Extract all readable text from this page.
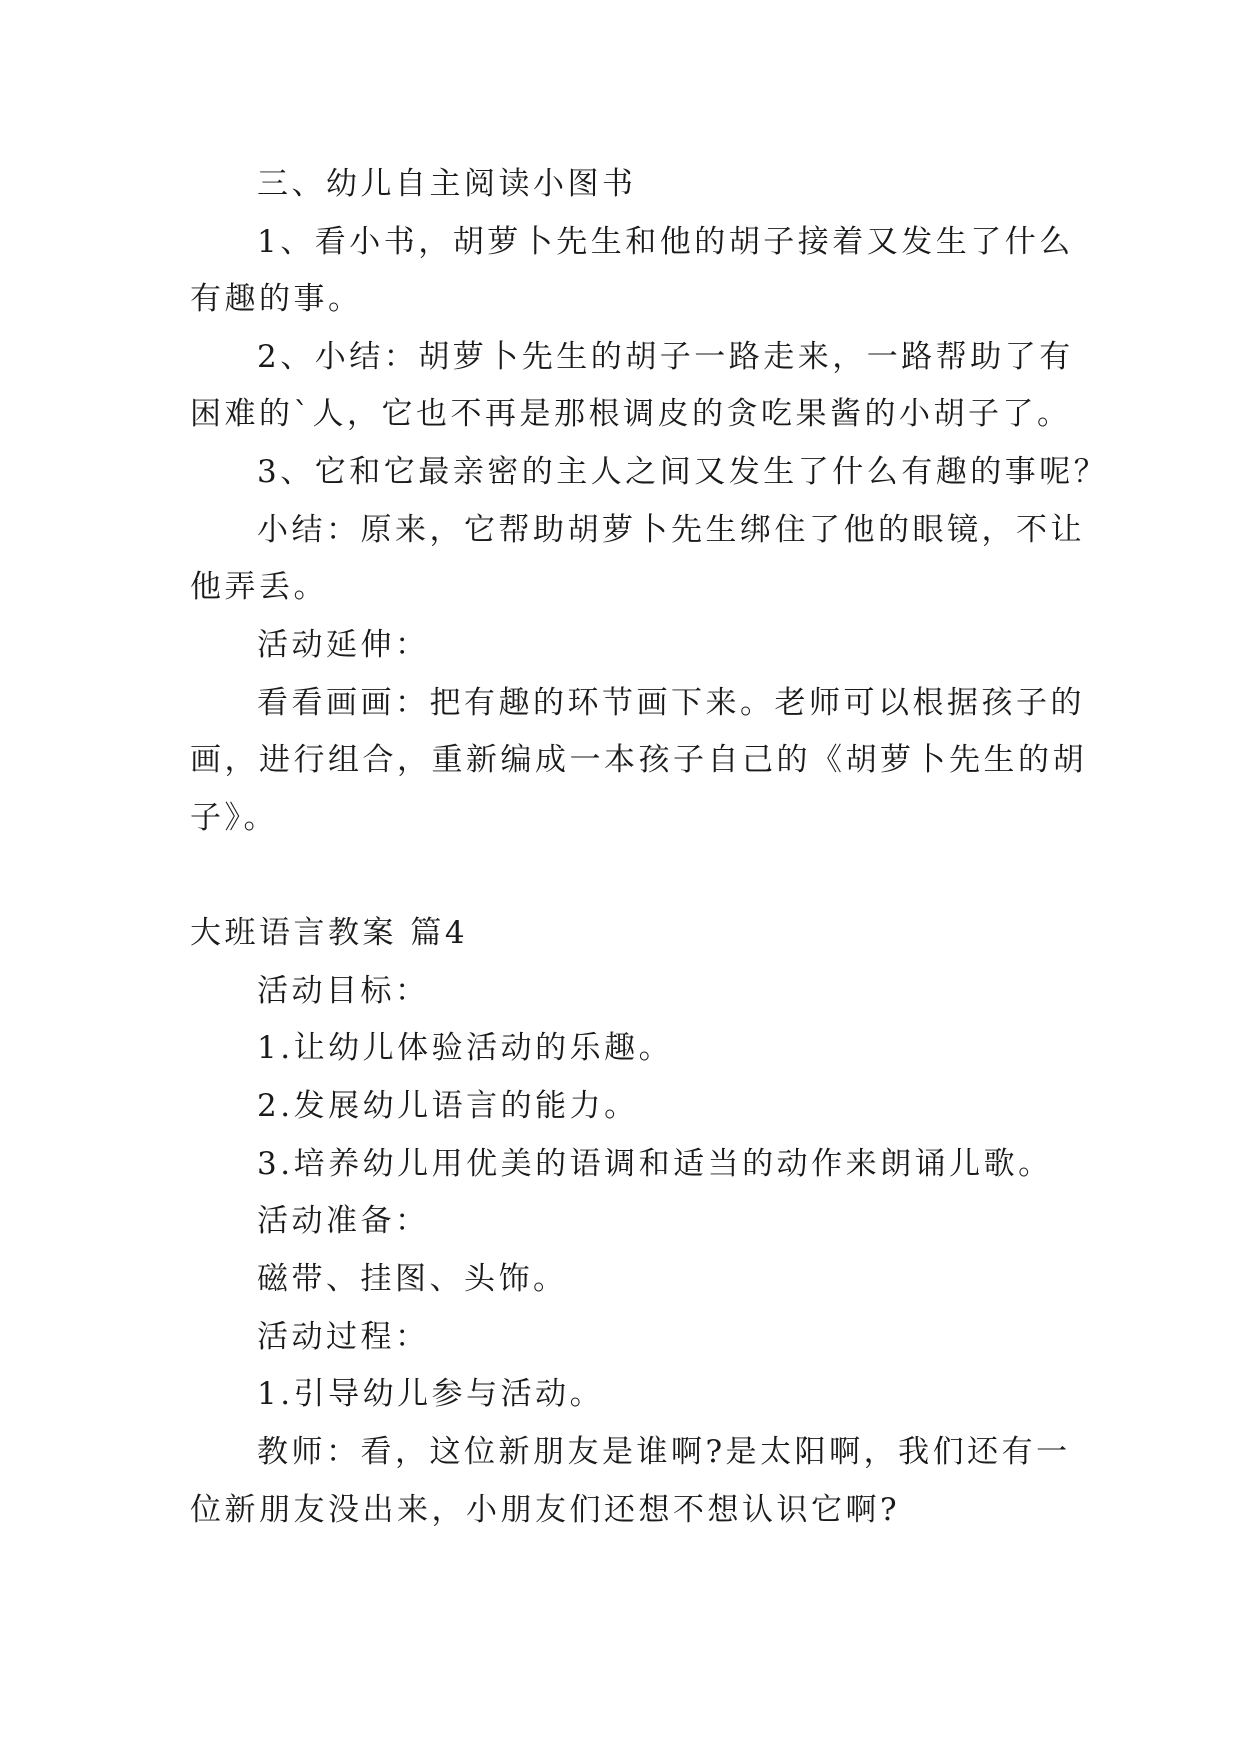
三、幼儿自主阅读小图书
1、看小书，胡萝卜先生和他的胡子接着又发生了什么
有趣的事。
2、小结：胡萝卜先生的胡子一路走来，一路帮助了有
困难的`人，它也不再是那根调皮的贪吃果酱的小胡子了。
3、它和它最亲密的主人之间又发生了什么有趣的事呢？
小结：原来，它帮助胡萝卜先生绑住了他的眼镜，不让
他弄丢。
活动延伸：
看看画画：把有趣的环节画下来。老师可以根据孩子的
画，进行组合，重新编成一本孩子自己的《胡萝卜先生的胡
子》。
大班语言教案 篇4
活动目标：
1.让幼儿体验活动的乐趣。
2.发展幼儿语言的能力。
3.培养幼儿用优美的语调和适当的动作来朗诵儿歌。
活动准备：
磁带、挂图、头饰。
活动过程：
1.引导幼儿参与活动。
教师：看，这位新朋友是谁啊?是太阳啊，我们还有一
位新朋友没出来，小朋友们还想不想认识它啊?
